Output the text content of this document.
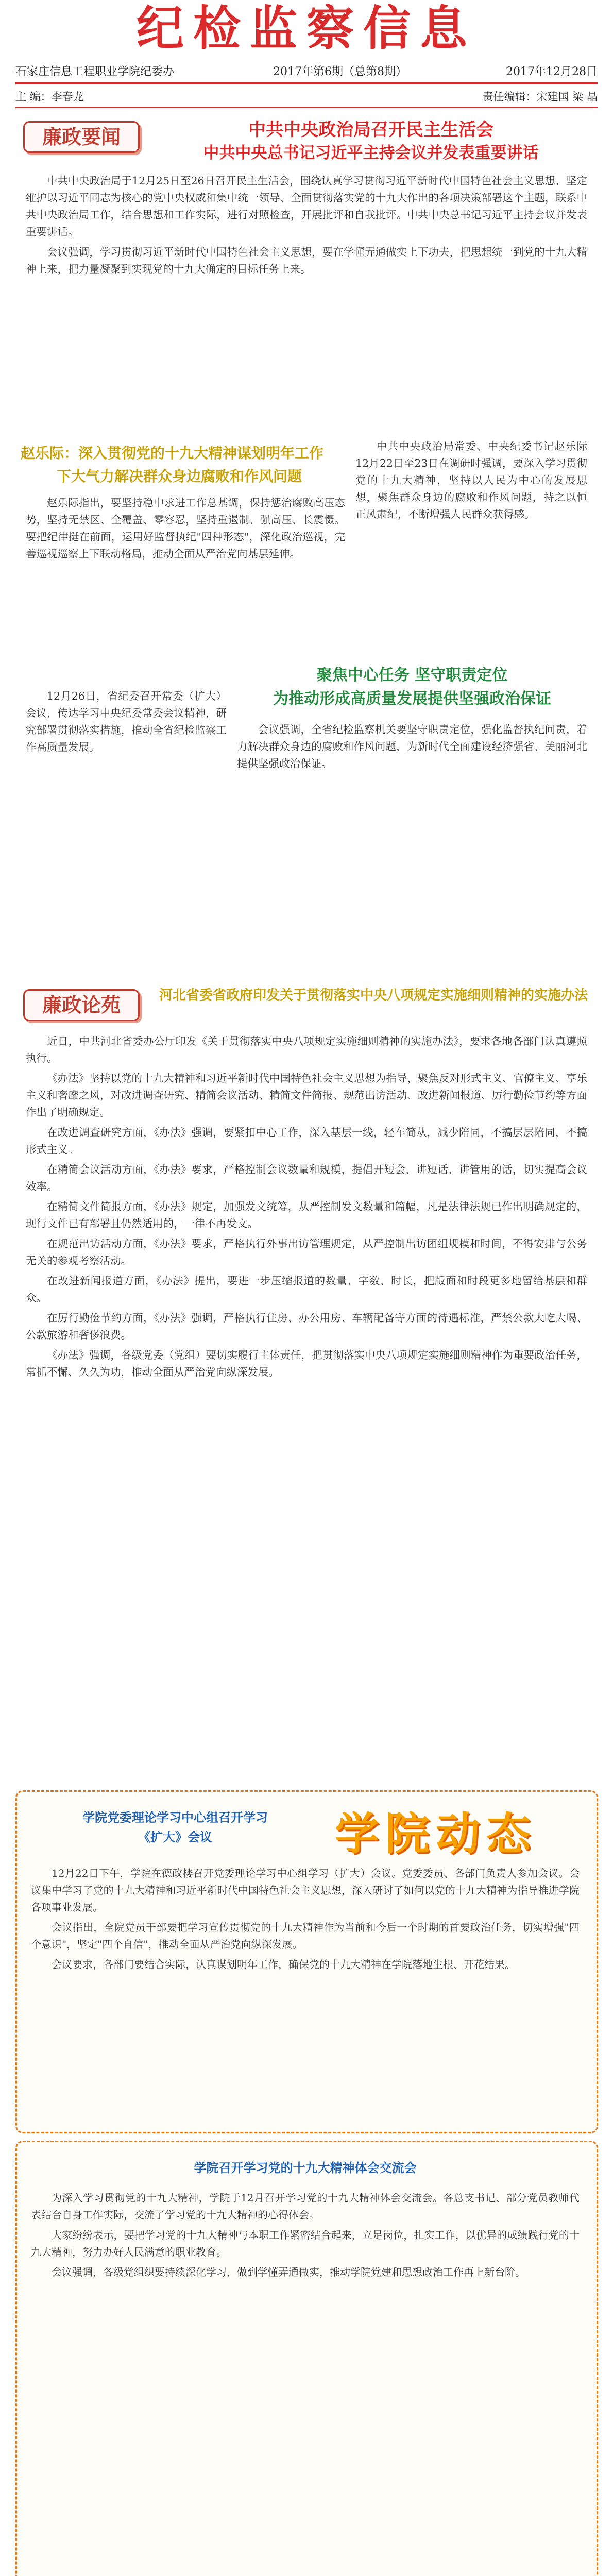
纪检监察信息
石家庄信息工程职业学院纪委办	2017年第6期（总第8期）	2017年12月28日
主 编：李春龙	责任编辑：宋建国 梁 晶
廉政要闻	中共中央政治局召开民主生活会
中共中央总书记习近平主持会议并发表重要讲话

中共中央政治局于12月25日至26日召开民主生活会，围绕认真学习贯彻习近平新时代中国特色社会主义思想、坚定维护以习近平同志为核心的党中央权威和集中统一领导、全面贯彻落实党的十九大作出的各项决策部署这个主题，联系中共中央政治局工作，结合思想和工作实际，进行对照检查，开展批评和自我批评。中共中央总书记习近平主持会议并发表重要讲话。

会议强调，学习贯彻习近平新时代中国特色社会主义思想，要在学懂弄通做实上下功夫，把思想统一到党的十九大精神上来，把力量凝聚到实现党的十九大确定的目标任务上来。

赵乐际：深入贯彻党的十九大精神谋划明年工作
下大气力解决群众身边腐败和作风问题

中共中央政治局常委、中央纪委书记赵乐际12月22日至23日在调研时强调，要深入学习贯彻党的十九大精神，坚持以人民为中心的发展思想，聚焦群众身边的腐败和作风问题，持之以恒正风肃纪，不断增强人民群众获得感。

赵乐际指出，要坚持稳中求进工作总基调，保持惩治腐败高压态势，坚持无禁区、全覆盖、零容忍，坚持重遏制、强高压、长震慑。要把纪律挺在前面，运用好监督执纪"四种形态"，深化政治巡视，完善巡视巡察上下联动格局，推动全面从严治党向基层延伸。

聚焦中心任务 坚守职责定位
为推动形成高质量发展提供坚强政治保证

12月26日，省纪委召开常委（扩大）会议，传达学习中央纪委常委会议精神，研究部署贯彻落实措施，推动全省纪检监察工作高质量发展。

会议强调，全省纪检监察机关要坚守职责定位，强化监督执纪问责，着力解决群众身边的腐败和作风问题，为新时代全面建设经济强省、美丽河北提供坚强政治保证。

廉政论苑	河北省委省政府印发关于贯彻落实中央八项规定实施细则精神的实施办法

近日，中共河北省委办公厅印发《关于贯彻落实中央八项规定实施细则精神的实施办法》，要求各地各部门认真遵照执行。

《办法》坚持以党的十九大精神和习近平新时代中国特色社会主义思想为指导，聚焦反对形式主义、官僚主义、享乐主义和奢靡之风，对改进调查研究、精简会议活动、精简文件简报、规范出访活动、改进新闻报道、厉行勤俭节约等方面作出了明确规定。

在改进调查研究方面，《办法》强调，要紧扣中心工作，深入基层一线，轻车简从，减少陪同，不搞层层陪同，不搞形式主义。

在精简会议活动方面，《办法》要求，严格控制会议数量和规模，提倡开短会、讲短话、讲管用的话，切实提高会议效率。

在精简文件简报方面，《办法》规定，加强发文统筹，从严控制发文数量和篇幅，凡是法律法规已作出明确规定的，现行文件已有部署且仍然适用的，一律不再发文。

在规范出访活动方面，《办法》要求，严格执行外事出访管理规定，从严控制出访团组规模和时间，不得安排与公务无关的参观考察活动。

在改进新闻报道方面，《办法》提出，要进一步压缩报道的数量、字数、时长，把版面和时段更多地留给基层和群众。

在厉行勤俭节约方面，《办法》强调，严格执行住房、办公用房、车辆配备等方面的待遇标准，严禁公款大吃大喝、公款旅游和奢侈浪费。

《办法》强调，各级党委（党组）要切实履行主体责任，把贯彻落实中央八项规定实施细则精神作为重要政治任务，常抓不懈、久久为功，推动全面从严治党向纵深发展。

学院党委理论学习中心组召开学习
《扩大》会议	学院动态

12月22日下午，学院在德政楼召开党委理论学习中心组学习（扩大）会议。党委委员、各部门负责人参加会议。会议集中学习了党的十九大精神和习近平新时代中国特色社会主义思想，深入研讨了如何以党的十九大精神为指导推进学院各项事业发展。

会议指出，全院党员干部要把学习宣传贯彻党的十九大精神作为当前和今后一个时期的首要政治任务，切实增强"四个意识"，坚定"四个自信"，推动全面从严治党向纵深发展。

会议要求，各部门要结合实际，认真谋划明年工作，确保党的十九大精神在学院落地生根、开花结果。

学院召开学习党的十九大精神体会交流会

为深入学习贯彻党的十九大精神，学院于12月召开学习党的十九大精神体会交流会。各总支书记、部分党员教师代表结合自身工作实际，交流了学习党的十九大精神的心得体会。

大家纷纷表示，要把学习党的十九大精神与本职工作紧密结合起来，立足岗位，扎实工作，以优异的成绩践行党的十九大精神，努力办好人民满意的职业教育。

会议强调，各级党组织要持续深化学习，做到学懂弄通做实，推动学院党建和思想政治工作再上新台阶。
